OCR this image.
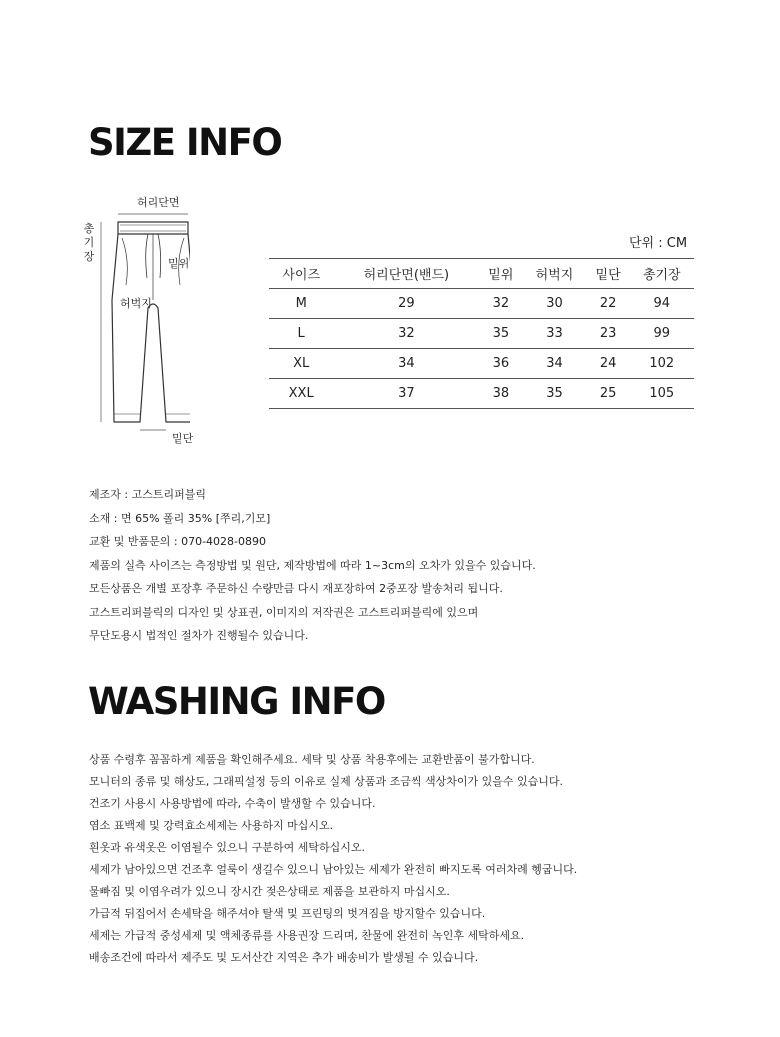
SIZE INFO
허리단면
총기장
밑위
허벅지
밑단
단위 : CM
사이즈	허리단면(밴드)	밑위	허벅지	밑단	총기장
M	29	32	30	22	94
L	32	35	33	23	99
XL	34	36	34	24	102
XXL	37	38	35	25	105
제조자 : 고스트리퍼블릭
소재 : 면 65% 폴리 35% [쭈리,기모]
교환 및 반품문의 : 070-4028-0890
제품의 실측 사이즈는 측정방법 및 원단, 제작방법에 따라 1~3cm의 오차가 있을수 있습니다.
모든상품은 개별 포장후 주문하신 수량만큼 다시 재포장하여 2중포장 발송처리 됩니다.
고스트리퍼블릭의 디자인 및 상표권, 이미지의 저작권은 고스트리퍼블릭에 있으며
무단도용시 법적인 절차가 진행될수 있습니다.
WASHING INFO
상품 수령후 꼼꼼하게 제품을 확인해주세요. 세탁 및 상품 착용후에는 교환반품이 불가합니다.
모니터의 종류 및 해상도, 그래픽설정 등의 이유로 실제 상품과 조금씩 색상차이가 있을수 있습니다.
건조기 사용시 사용방법에 따라, 수축이 발생할 수 있습니다.
염소 표백제 및 강력효소세제는 사용하지 마십시오.
흰옷과 유색옷은 이염될수 있으니 구분하여 세탁하십시오.
세제가 남아있으면 건조후 얼룩이 생길수 있으니 남아있는 세제가 완전히 빠지도록 여러차례 헹굽니다.
물빠짐 및 이염우려가 있으니 장시간 젖은상태로 제품을 보관하지 마십시오.
가급적 뒤집어서 손세탁을 해주셔야 탈색 및 프린팅의 벗겨짐을 방지할수 있습니다.
세제는 가급적 중성세제 및 액체종류를 사용권장 드리며, 찬물에 완전히 녹인후 세탁하세요.
배송조건에 따라서 제주도 및 도서산간 지역은 추가 배송비가 발생될 수 있습니다.
